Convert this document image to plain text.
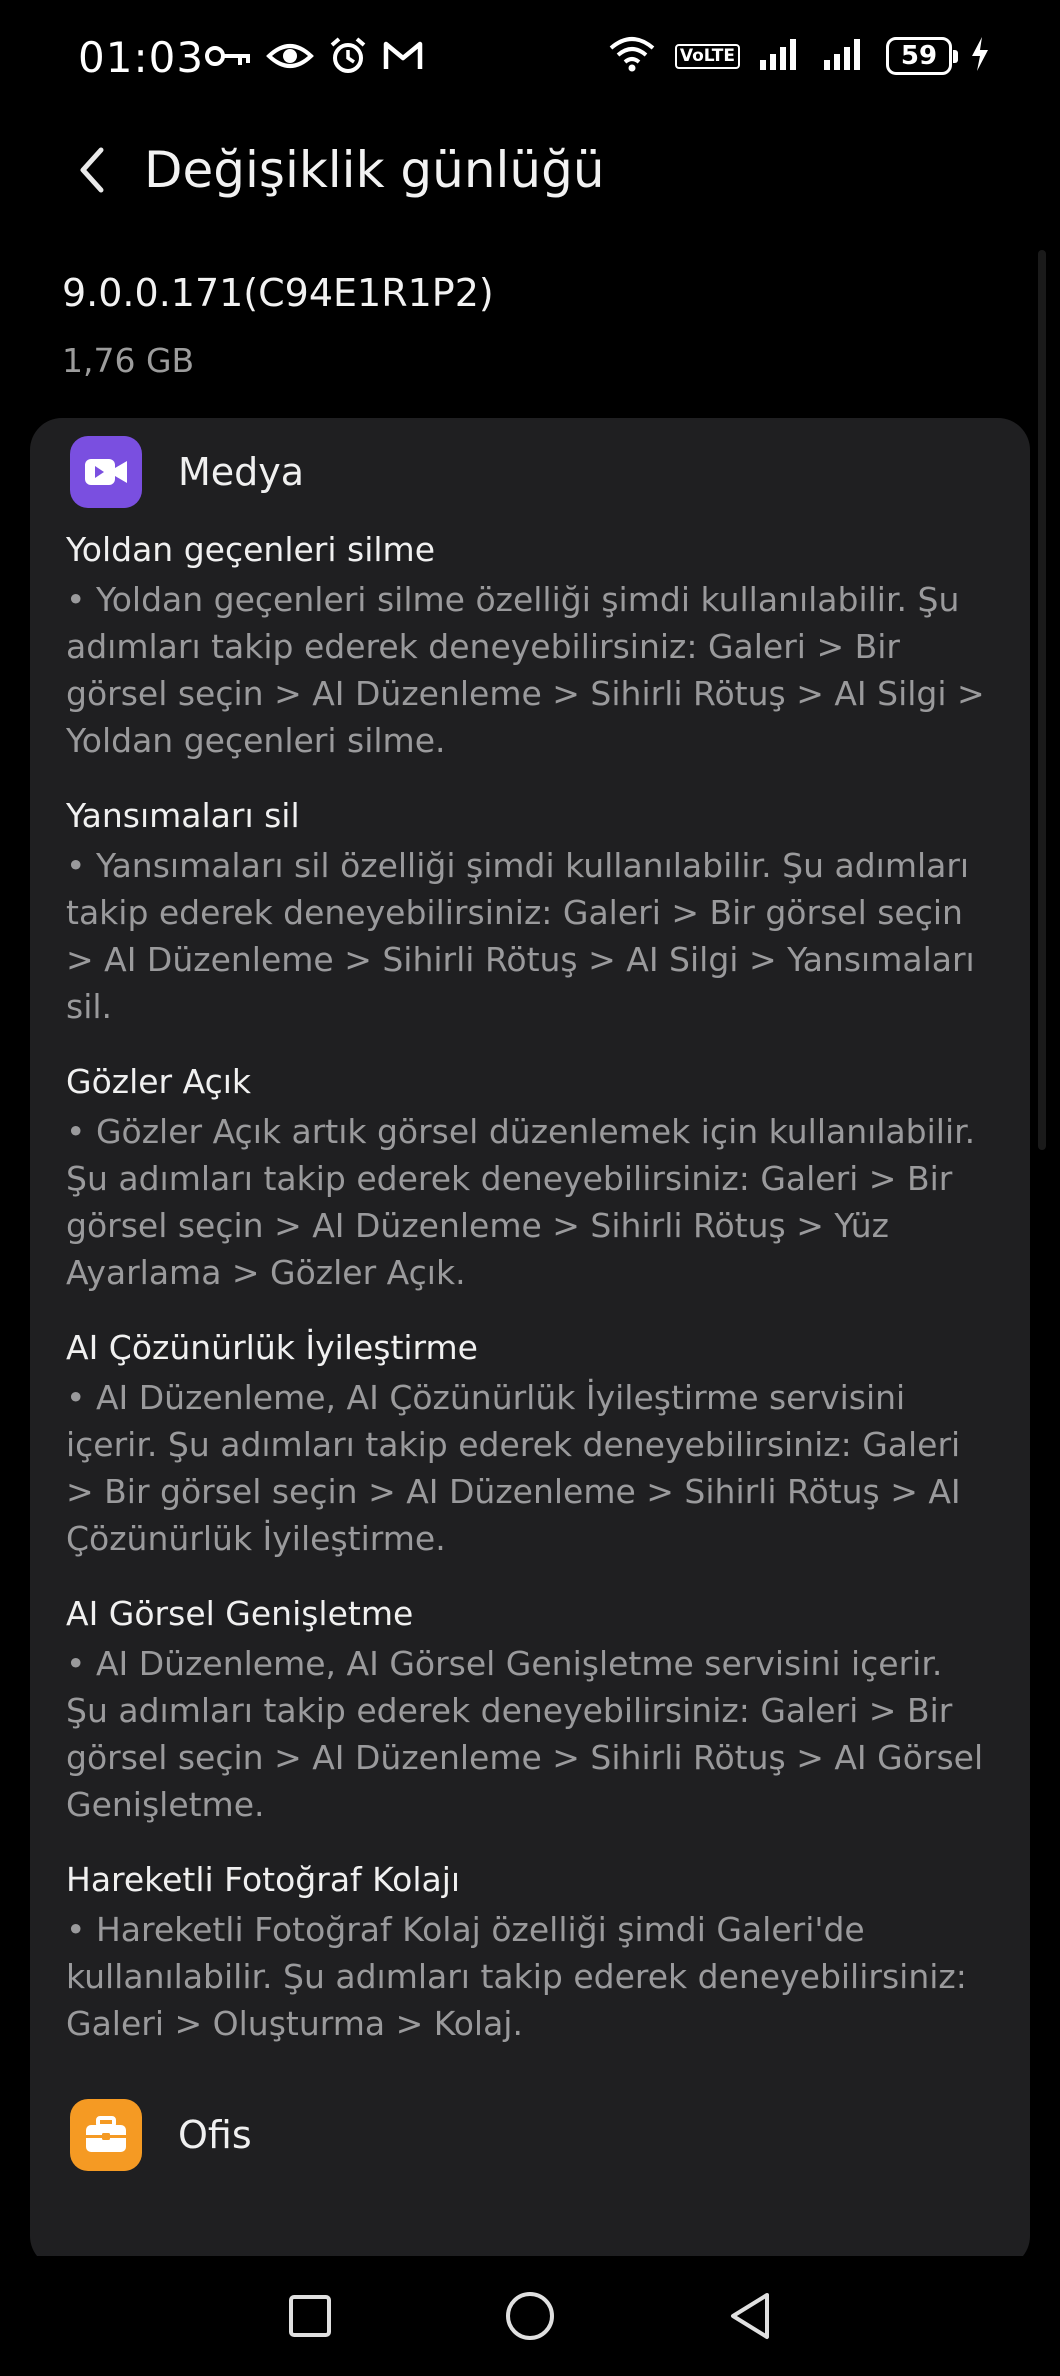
01:03	VoLTE	59
Değişiklik günlüğü
9.0.0.171(C94E1R1P2)
1,76 GB
Medya
Yoldan geçenleri silme
• Yoldan geçenleri silme özelliği şimdi kullanılabilir. Şu adımları takip ederek deneyebilirsiniz: Galeri > Bir görsel seçin > AI Düzenleme > Sihirli Rötuş > AI Silgi > Yoldan geçenleri silme.
Yansımaları sil
• Yansımaları sil özelliği şimdi kullanılabilir. Şu adımları takip ederek deneyebilirsiniz: Galeri > Bir görsel seçin > AI Düzenleme > Sihirli Rötuş > AI Silgi > Yansımaları sil.
Gözler Açık
• Gözler Açık artık görsel düzenlemek için kullanılabilir. Şu adımları takip ederek deneyebilirsiniz: Galeri > Bir görsel seçin > AI Düzenleme > Sihirli Rötuş > Yüz Ayarlama > Gözler Açık.
AI Çözünürlük İyileştirme
• AI Düzenleme, AI Çözünürlük İyileştirme servisini içerir. Şu adımları takip ederek deneyebilirsiniz: Galeri > Bir görsel seçin > AI Düzenleme > Sihirli Rötuş > AI Çözünürlük İyileştirme.
AI Görsel Genişletme
• AI Düzenleme, AI Görsel Genişletme servisini içerir. Şu adımları takip ederek deneyebilirsiniz: Galeri > Bir görsel seçin > AI Düzenleme > Sihirli Rötuş > AI Görsel Genişletme.
Hareketli Fotoğraf Kolajı
• Hareketli Fotoğraf Kolaj özelliği şimdi Galeri'de kullanılabilir. Şu adımları takip ederek deneyebilirsiniz: Galeri > Oluşturma > Kolaj.
Ofis
